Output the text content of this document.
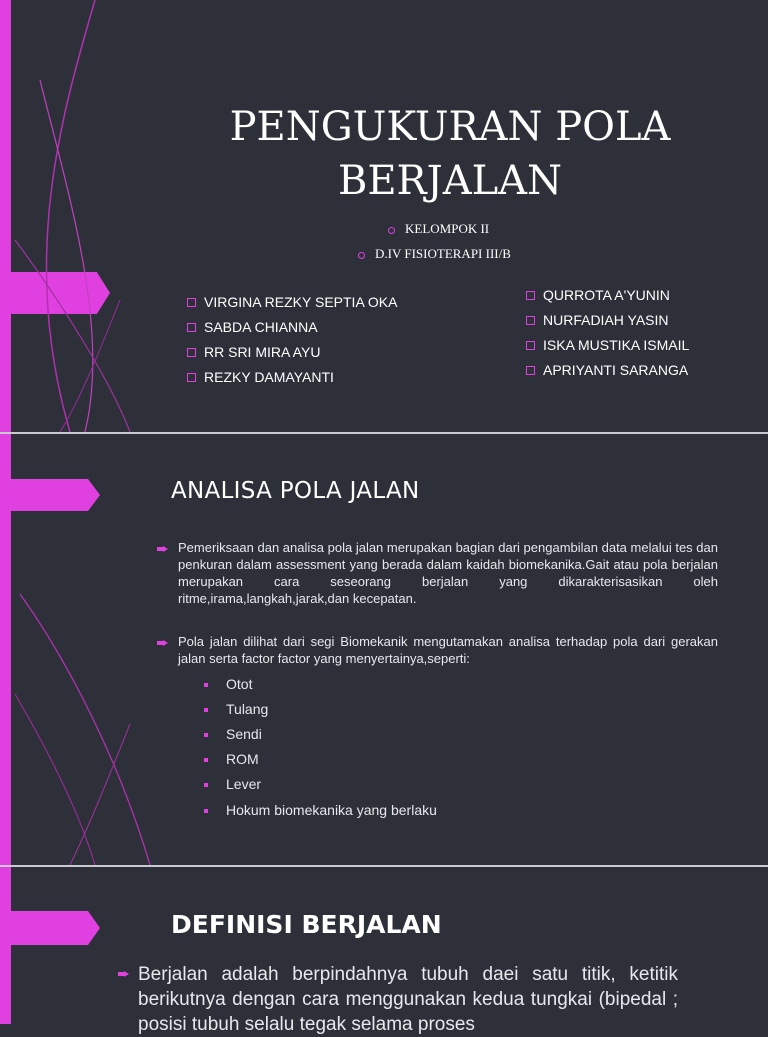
PENGUKURAN POLA BERJALAN
KELOMPOK II
D.IV FISIOTERAPI III/B
VIRGINA REZKY SEPTIA OKA
SABDA CHIANNA
RR SRI MIRA AYU
REZKY DAMAYANTI
QURROTA A'YUNIN
NURFADIAH YASIN
ISKA MUSTIKA ISMAIL
APRIYANTI SARANGA
ANALISA POLA JALAN
Pemeriksaan dan analisa pola jalan merupakan bagian dari pengambilan data melalui tes dan penkuran dalam assessment yang berada dalam kaidah biomekanika.Gait atau pola berjalan merupakan cara seseorang berjalan yang dikarakterisasikan oleh ritme,irama,langkah,jarak,dan kecepatan.
Pola jalan dilihat dari segi Biomekanik mengutamakan analisa terhadap pola dari gerakan jalan serta factor factor yang menyertainya,seperti:
Otot
Tulang
Sendi
ROM
Lever
Hokum biomekanika yang berlaku
DEFINISI BERJALAN
Berjalan adalah berpindahnya tubuh daei satu titik, ketitik berikutnya dengan cara menggunakan kedua tungkai (bipedal ; posisi tubuh selalu tegak selama proses
